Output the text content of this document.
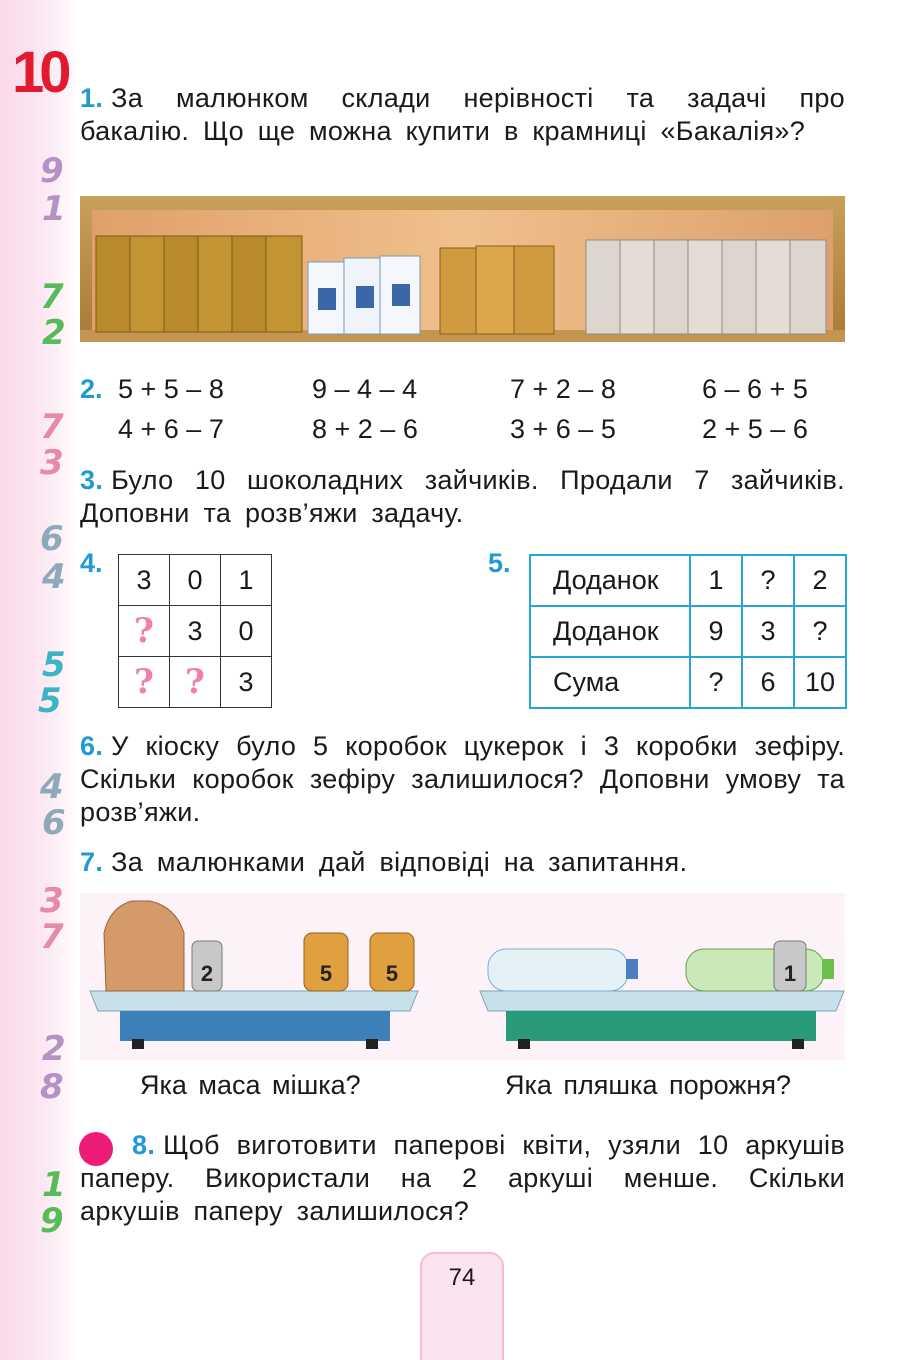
10
9
1
7
2
7
3
6
4
5
5
4
6
3
7
2
8
1
9
1. За малюнком склади нерівності та задачі про бакалію. Що ще можна купити в крамниці «Бакалія»?
2. 5 + 5 – 8	9 – 4 – 4	7 + 2 – 8	6 – 6 + 5
4 + 6 – 7	8 + 2 – 6	3 + 6 – 5	2 + 5 – 6
3. Було 10 шоколадних зайчиків. Продали 7 зайчиків. Доповни та розв’яжи задачу.
4.
3	0	1
?	3	0
?	?	3
5.
Доданок	1	?	2
Доданок	9	3	?
Сума	?	6	10
6. У кіоску було 5 коробок цукерок і 3 коробки зефіру. Скільки коробок зефіру залишилося? Доповни умову та розв’яжи.
7. За малюнками дай відповіді на запитання.
2	5 5	1
Яка маса мішка?	Яка пляшка порожня?
8. Щоб виготовити паперові квіти, узяли 10 аркушів паперу. Використали на 2 аркуші менше. Скільки аркушів паперу залишилося?
74
